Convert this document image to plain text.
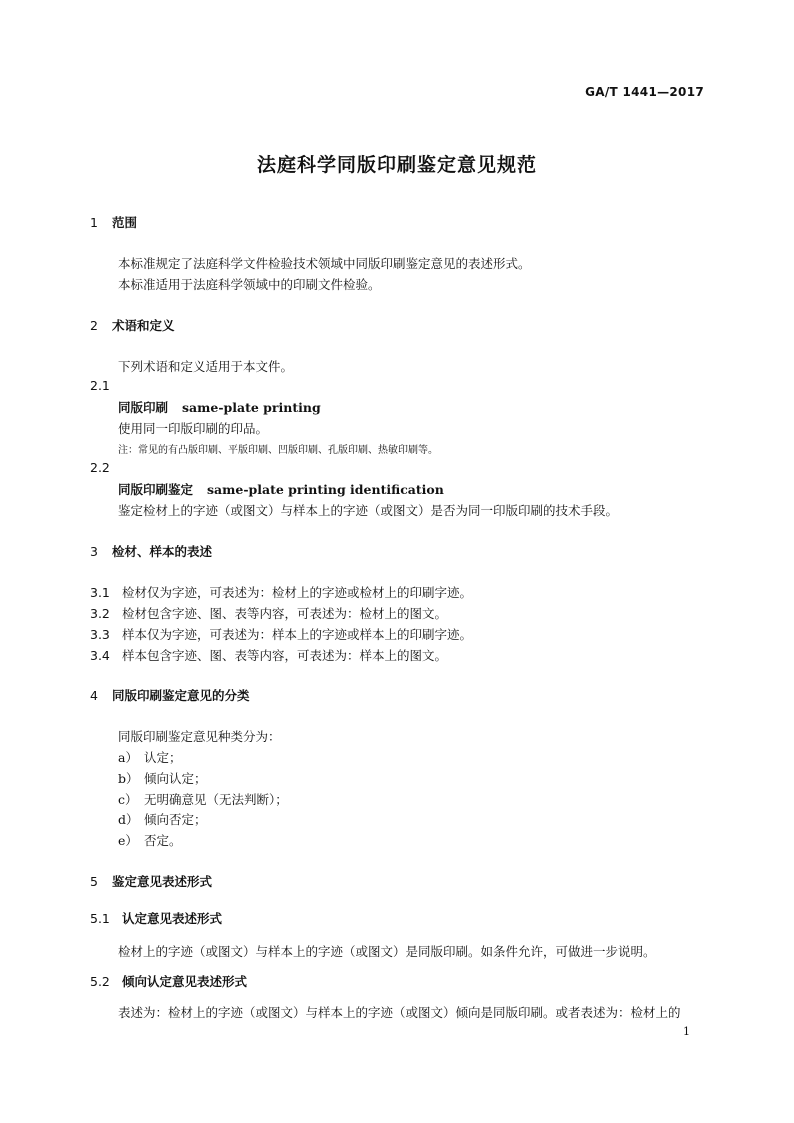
GA/T 1441—2017
法庭科学同版印刷鉴定意见规范
1 范围
本标准规定了法庭科学文件检验技术领域中同版印刷鉴定意见的表述形式。
本标准适用于法庭科学领域中的印刷文件检验。
2 术语和定义
下列术语和定义适用于本文件。
2.1
同版印刷 same-plate printing
使用同一印版印刷的印品。
注：常见的有凸版印刷、平版印刷、凹版印刷、孔版印刷、热敏印刷等。
2.2
同版印刷鉴定 same-plate printing identification
鉴定检材上的字迹（或图文）与样本上的字迹（或图文）是否为同一印版印刷的技术手段。
3 检材、样本的表述
3.1 检材仅为字迹，可表述为：检材上的字迹或检材上的印刷字迹。
3.2 检材包含字迹、图、表等内容，可表述为：检材上的图文。
3.3 样本仅为字迹，可表述为：样本上的字迹或样本上的印刷字迹。
3.4 样本包含字迹、图、表等内容，可表述为：样本上的图文。
4 同版印刷鉴定意见的分类
同版印刷鉴定意见种类分为：
a） 认定；
b） 倾向认定；
c） 无明确意见（无法判断）；
d） 倾向否定；
e） 否定。
5 鉴定意见表述形式
5.1 认定意见表述形式
检材上的字迹（或图文）与样本上的字迹（或图文）是同版印刷。如条件允许，可做进一步说明。
5.2 倾向认定意见表述形式
表述为：检材上的字迹（或图文）与样本上的字迹（或图文）倾向是同版印刷。或者表述为：检材上的
1
